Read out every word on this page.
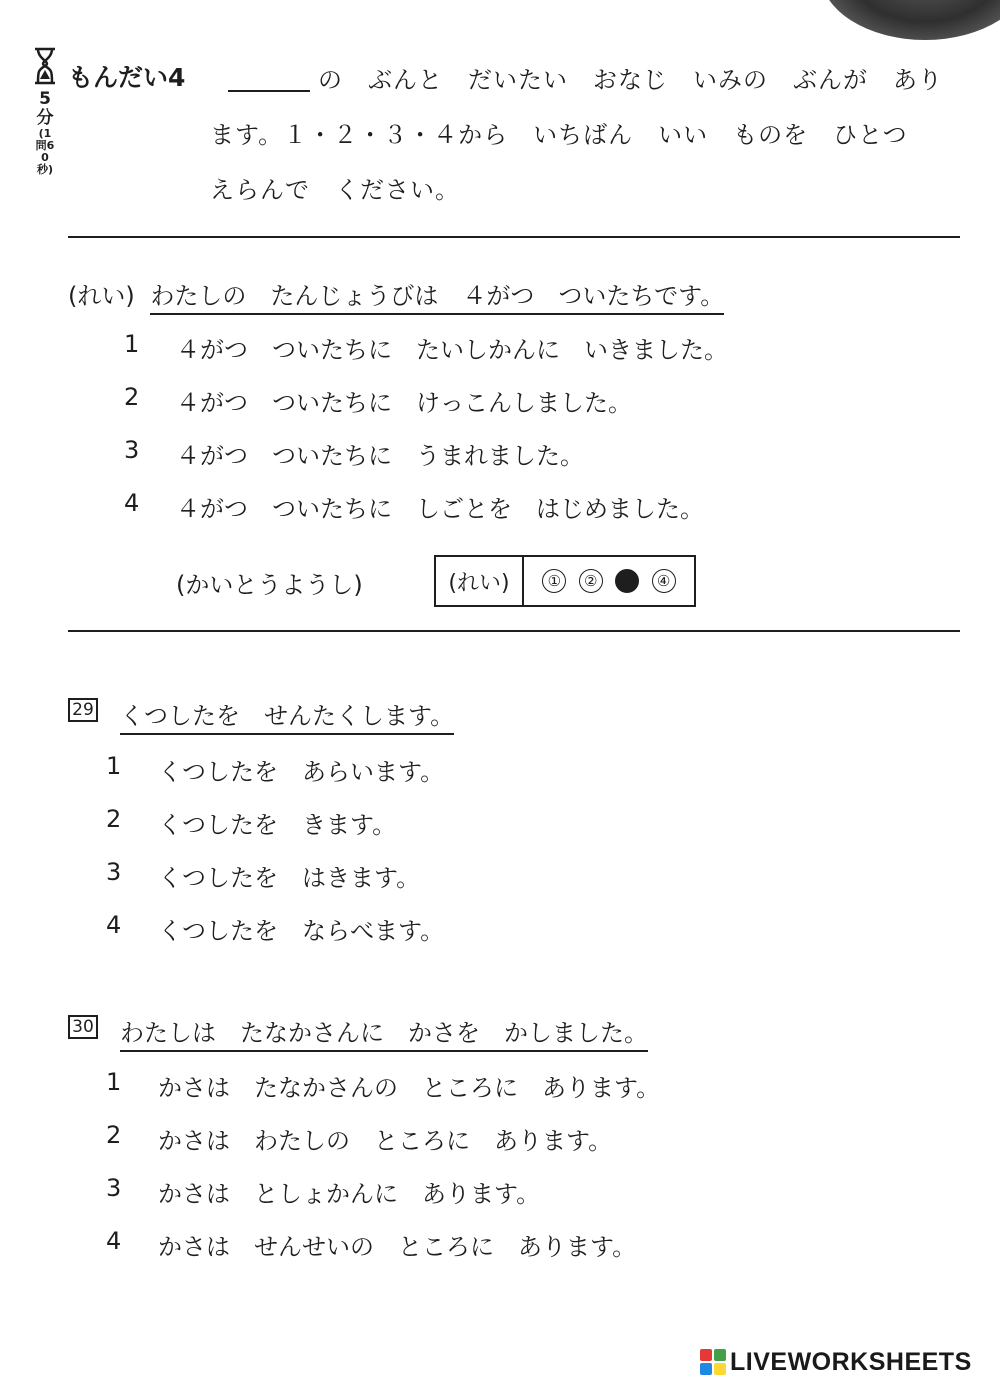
5分
(1問60秒)
もんだい4	の　ぶんと　だいたい　おなじ　いみの　ぶんが　あり
ます。１・２・３・４から　いちばん　いい　ものを　ひとつ
えらんで　ください。
(れい) わたしの　たんじょうびは　４がつ　ついたちです。
1 ４がつ　ついたちに　たいしかんに　いきました。
2 ４がつ　ついたちに　けっこんしました。
3 ４がつ　ついたちに　うまれました。
4 ４がつ　ついたちに　しごとを　はじめました。
(かいとうようし)	(れい)	①	②	●	④
29 くつしたを　せんたくします。
1 くつしたを　あらいます。
2 くつしたを　きます。
3 くつしたを　はきます。
4 くつしたを　ならべます。
30 わたしは　たなかさんに　かさを　かしました。
1 かさは　たなかさんの　ところに　あります。
2 かさは　わたしの　ところに　あります。
3 かさは　としょかんに　あります。
4 かさは　せんせいの　ところに　あります。
LIVEWORKSHEETS
